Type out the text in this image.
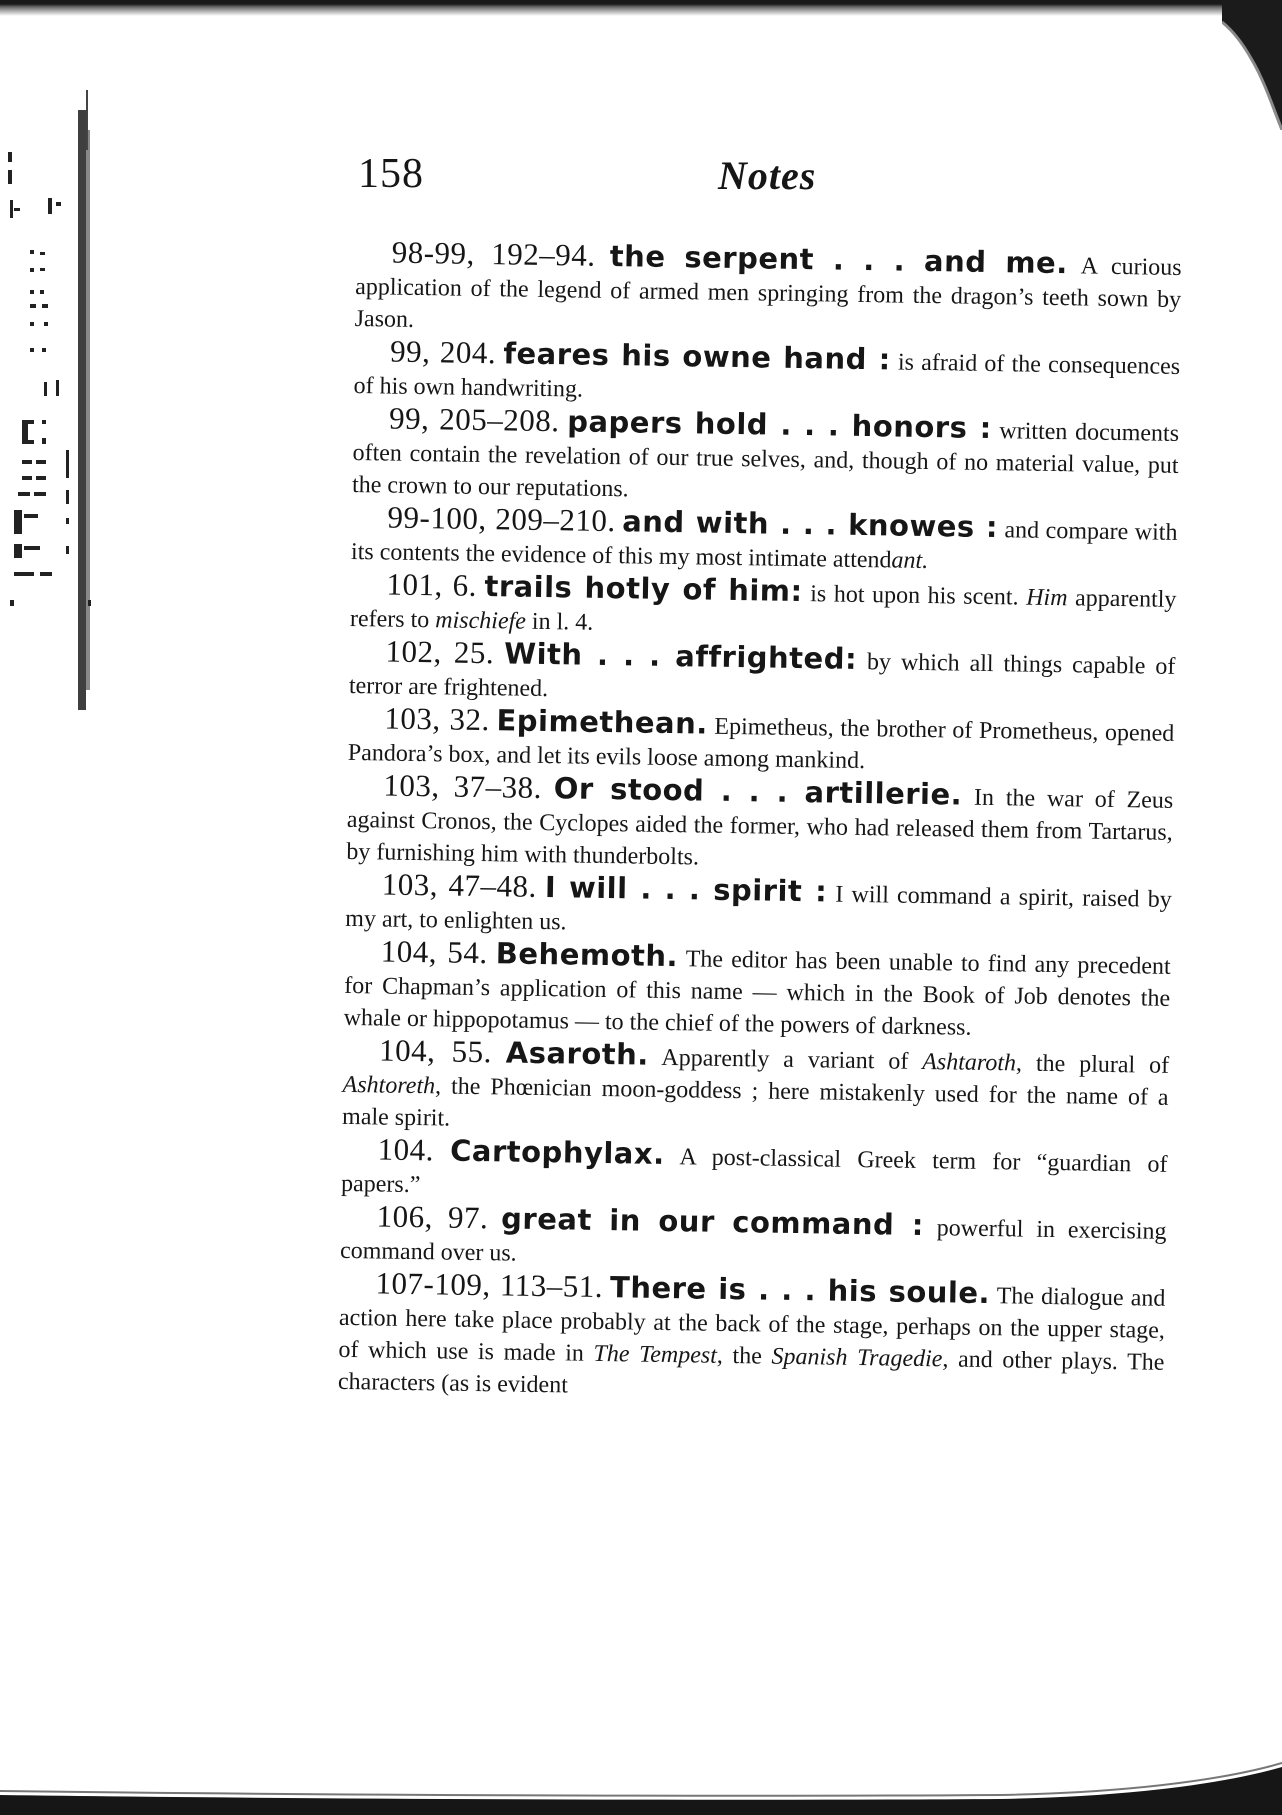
158	Notes

98-99, 192–94. the serpent . . . and me. A curious application of the legend of armed men springing from the dragon’s teeth sown by Jason.

99, 204. feares his owne hand : is afraid of the consequences of his own handwriting.

99, 205–208. papers hold . . . honors : written documents often contain the revelation of our true selves, and, though of no material value, put the crown to our reputations.

99-100, 209–210. and with . . . knowes : and compare with its contents the evidence of this my most intimate attendant.

101, 6. trails hotly of him: is hot upon his scent. Him apparently refers to mischiefe in l. 4.

102, 25. With . . . affrighted: by which all things capable of terror are frightened.

103, 32. Epimethean. Epimetheus, the brother of Prometheus, opened Pandora’s box, and let its evils loose among mankind.

103, 37–38. Or stood . . . artillerie. In the war of Zeus against Cronos, the Cyclopes aided the former, who had released them from Tartarus, by furnishing him with thunderbolts.

103, 47–48. I will . . . spirit : I will command a spirit, raised by my art, to enlighten us.

104, 54. Behemoth. The editor has been unable to find any precedent for Chapman’s application of this name — which in the Book of Job denotes the whale or hippopotamus — to the chief of the powers of darkness.

104, 55. Asaroth. Apparently a variant of Ashtaroth, the plural of Ashtoreth, the Phœnician moon-goddess ; here mistakenly used for the name of a male spirit.

104. Cartophylax. A post-classical Greek term for “guardian of papers.”

106, 97. great in our command : powerful in exercising command over us.

107-109, 113–51. There is . . . his soule. The dialogue and action here take place probably at the back of the stage, perhaps on the upper stage, of which use is made in The Tempest, the Spanish Tragedie, and other plays. The characters (as is evident
